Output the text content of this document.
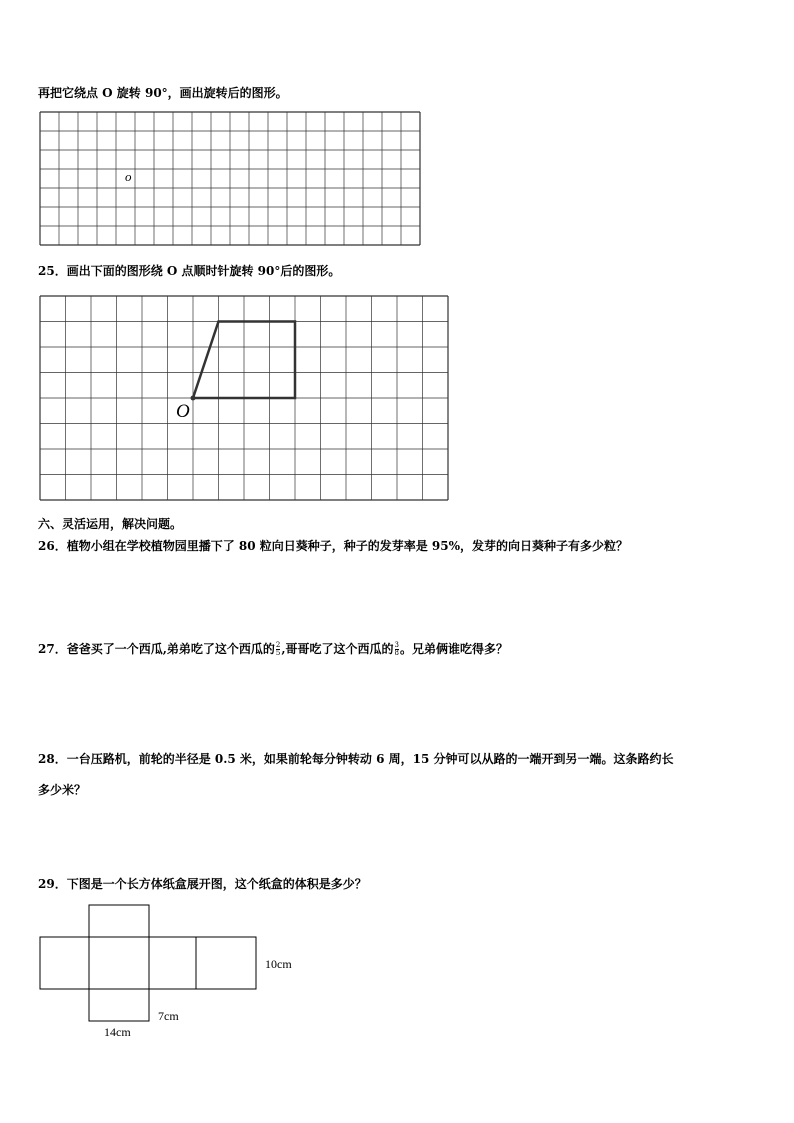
再把它绕点 O 旋转 90°，画出旋转后的图形。
o
25．画出下面的图形绕 O 点顺时针旋转 90°后的图形。
O
六、灵活运用，解决问题。
26．植物小组在学校植物园里播下了 80 粒向日葵种子，种子的发芽率是 95%，发芽的向日葵种子有多少粒？
27．爸爸买了一个西瓜,弟弟吃了这个西瓜的 $\frac{2}{5}$ ,哥哥吃了这个西瓜的 $\frac{3}{8}$ 。兄弟俩谁吃得多？
28．一台压路机，前轮的半径是 0.5 米，如果前轮每分钟转动 6 周，15 分钟可以从路的一端开到另一端。这条路约长
多少米？
29．下图是一个长方体纸盒展开图，这个纸盒的体积是多少？
10cm
7cm
14cm
